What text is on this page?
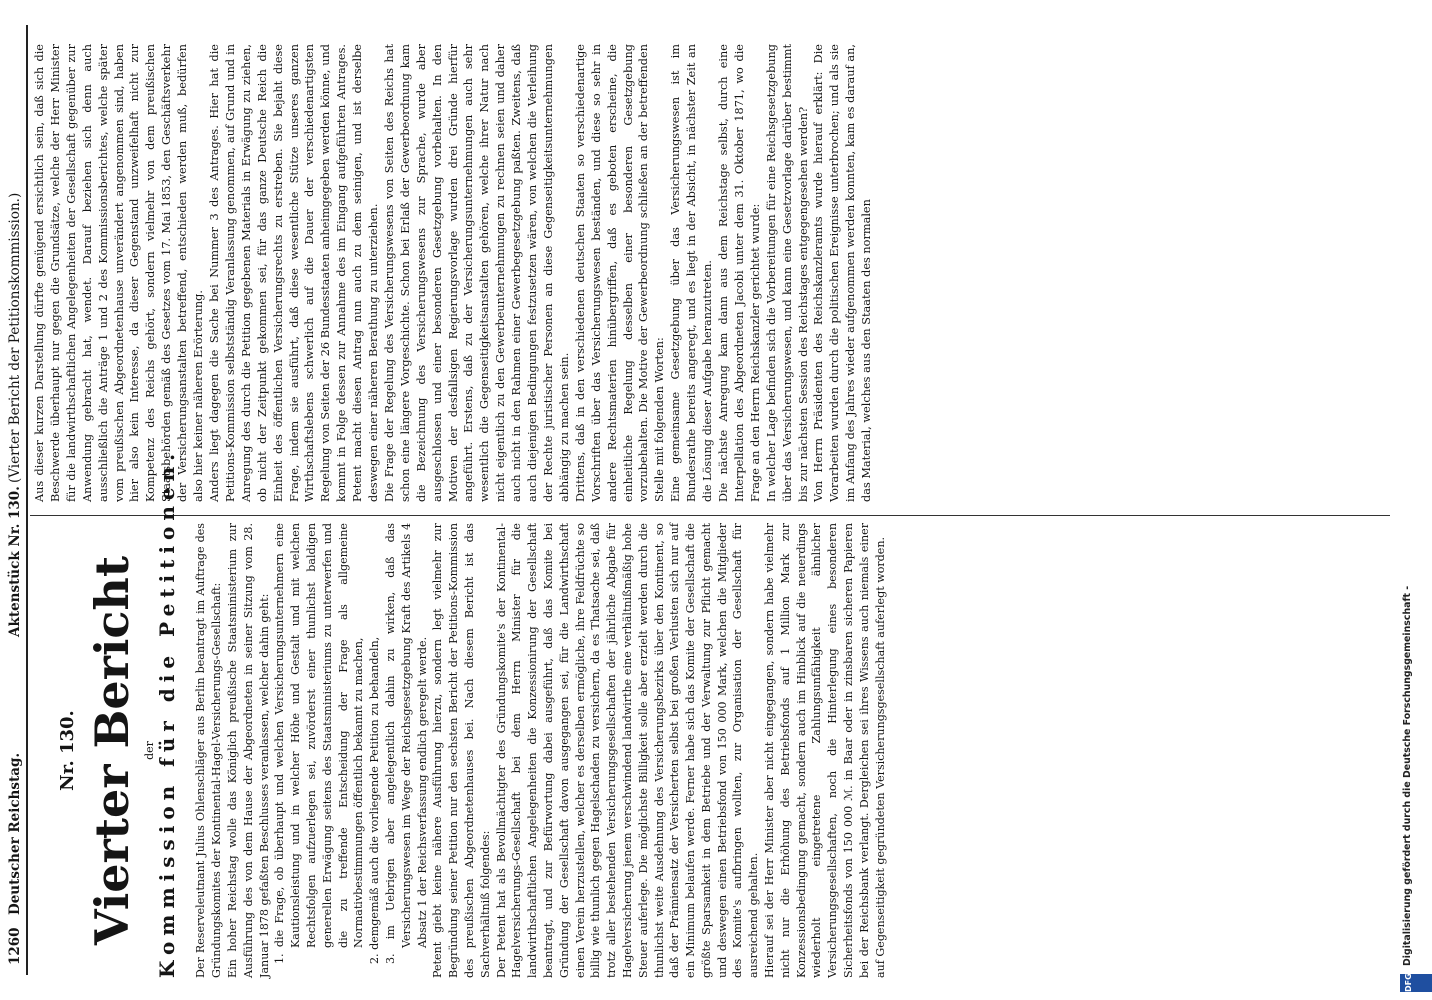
1260
Deutscher Reichstag.
Aktenstück Nr. 130.
(Vierter Bericht der Petitionskommission.)
Nr. 130. Vierter Bericht der
Kommission für die Petitionen. Der Reserveleutnant Julius Ohlenschläger aus Berlin beantragt im Auftrage des Gründungskomites der Kontinental-Hagel-Versicherungs-Gesellschaft: Ein hoher Reichstag wolle das Königlich preußische Staatsministerium zur Ausführung des von dem Hause der Abgeordneten in seiner Sitzung vom 28. Januar 1878 gefaßten Beschlusses veranlassen, welcher dahin geht: 1. die Frage, ob überhaupt und welchen Versicherungsunternehmern eine Kautionsleistung und in welcher Höhe und Gestalt und mit welchen Rechtsfolgen aufzuerlegen sei, zuvörderst einer thunlichst baldigen generellen Erwägung seitens des Staatsministeriums zu unterwerfen und die zu treffende Entscheidung der Frage als allgemeine Normativbestimmungen öffentlich bekannt zu machen, 2. demgemäß auch die vorliegende Petition zu behandeln, 3. im Uebrigen aber angelegentlich dahin zu wirken, daß das Versicherungswesen im Wege der Reichsgesetzgebung Kraft des Artikels 4 Absatz 1 der Reichsverfassung endlich geregelt werde. Petent giebt keine nähere Ausführung hierzu, sondern legt vielmehr zur Begründung seiner Petition nur den sechsten Bericht der Petitions-Kommission des preußischen Abgeordnetenhauses bei. Nach diesem Bericht ist das Sachverhältniß folgendes: Der Petent hat als Bevollmächtigter des Gründungskomite's der Kontinental-Hagelversicherungs-Gesellschaft bei dem Herrn Minister für die landwirthschaftlichen Angelegenheiten die Konzessionirung der Gesellschaft beantragt, und zur Befürwortung dabei ausgeführt, daß das Komite bei Gründung der Gesellschaft davon ausgegangen sei, für die Landwirthschaft einen Verein herzustellen, welcher es derselben ermögliche, ihre Feldfrüchte so billig wie thunlich gegen Hagelschaden zu versichern, da es Thatsache sei, daß trotz aller bestehenden Versicherungsgesellschaften der jährliche Abgabe für Hagelversicherung jenem verschwindend landwirthe eine verhältnißmäßig hohe Steuer auferlege. Die möglichste Billigkeit solle aber erzielt werden durch die thunlichst weite Ausdehnung des Versicherungsbezirks über den Kontinent, so daß der Prämiensatz der Versicherten selbst bei großen Verlusten sich nur auf ein Minimum belaufen werde. Ferner habe sich das Komite der Gesellschaft die größte Sparsamkeit in dem Betriebe und der Verwaltung zur Pflicht gemacht und deswegen einen Betriebsfond von 150 000 Mark, welchen die Mitglieder des Komite's aufbringen wollten, zur Organisation der Gesellschaft für ausreichend gehalten. Hierauf sei der Herr Minister aber nicht eingegangen, sondern habe vielmehr nicht nur die Erhöhung des Betriebsfonds auf 1 Million Mark zur Konzessionsbedingung gemacht, sondern auch im Hinblick auf die neuerdings wiederholt eingetretene Zahlungsunfähigkeit ähnlicher Versicherungsgesellschaften, noch die Hinterlegung eines besonderen Sicherheitsfonds von 150 000 ℳ. in Baar oder in zinsbaren sicheren Papieren bei der Reichsbank verlangt. Dergleichen sei ihres Wissens auch niemals einer auf Gegenseitigkeit gegründeten Versicherungsgesellschaft auferlegt worden.

Aus dieser kurzen Darstellung dürfte genügend ersichtlich sein, daß sich die Beschwerde überhaupt nur gegen die Grundsätze, welche der Herr Minister für die landwirthschaftlichen Angelegenheiten der Gesellschaft gegenüber zur Anwendung gebracht hat, wendet. Darauf beziehen sich denn auch ausschließlich die Anträge 1 und 2 des Kommissionsberichtes, welche später vom preußischen Abgeordnetenhause unverändert angenommen sind, haben hier also kein Interesse, da dieser Gegenstand unzweifelhaft nicht zur Kompetenz des Reichs gehört, sondern vielmehr von dem preußischen Staatsbehörden gemäß des Gesetzes vom 17. Mai 1853, den Geschäftsverkehr der Versicherungsanstalten betreffend, entschieden werden muß, bedürfen also hier keiner näheren Erörterung. Anders liegt dagegen die Sache bei Nummer 3 des Antrages. Hier hat die Petitions-Kommission selbstständig Veranlassung genommen, auf Grund und in Anregung des durch die Petition gegebenen Materials in Erwägung zu ziehen, ob nicht der Zeitpunkt gekommen sei, für das ganze Deutsche Reich die Einheit des öffentlichen Versicherungsrechts zu erstreben. Sie bejaht diese Frage, indem sie ausführt, daß diese wesentliche Stütze unseres ganzen Wirthschaftslebens schwerlich auf die Dauer der verschiedenartigsten Regelung von Seiten der 26 Bundesstaaten anheimgegeben werden könne, und kommt in Folge dessen zur Annahme des im Eingang aufgeführten Antrages. Petent macht diesen Antrag nun auch zu dem seinigen, und ist derselbe deswegen einer näheren Berathung zu unterziehen. Die Frage der Regelung des Versicherungswesens von Seiten des Reichs hat schon eine längere Vorgeschichte. Schon bei Erlaß der Gewerbeordnung kam die Bezeichnung des Versicherungswesens zur Sprache, wurde aber ausgeschlossen und einer besonderen Gesetzgebung vorbehalten. In den Motiven der desfallsigen Regierungsvorlage wurden drei Gründe hierfür angeführt. Erstens, daß zu der Versicherungsunternehmungen auch sehr wesentlich die Gegenseitigkeitsanstalten gehören, welche ihrer Natur nach nicht eigentlich zu den Gewerbeunternehmungen zu rechnen seien und daher auch nicht in den Rahmen einer Gewerbegesetzgebung paßten. Zweitens, daß auch diejenigen Bedingungen festzusetzen wären, von welchen die Verleihung der Rechte juristischer Personen an diese Gegenseitigkeitsunternehmungen abhängig zu machen sein. Drittens, daß in den verschiedenen deutschen Staaten so verschiedenartige Vorschriften über das Versicherungswesen beständen, und diese so sehr in andere Rechtsmaterien hinübergriffen, daß es geboten erscheine, die einheitliche Regelung desselben einer besonderen Gesetzgebung vorzubehalten. Die Motive der Gewerbeordnung schließen an der betreffenden Stelle mit folgenden Worten: Eine gemeinsame Gesetzgebung über das Versicherungswesen ist im Bundesrathe bereits angeregt, und es liegt in der Absicht, in nächster Zeit an die Lösung dieser Aufgabe heranzutreten. Die nächste Anregung kam dann aus dem Reichstage selbst, durch eine Interpellation des Abgeordneten Jacobi unter dem 31. Oktober 1871, wo die Frage an den Herrn Reichskanzler gerichtet wurde: In welcher Lage befinden sich die Vorbereitungen für eine Reichsgesetzgebung über das Versicherungswesen, und kann eine Gesetzvorlage darüber bestimmt bis zur nächsten Session des Reichstages entgegengesehen werden? Von Herrn Präsidenten des Reichskanzleramts wurde hierauf erklärt: Die Vorarbeiten wurden durch die politischen Ereignisse unterbrochen; und als sie im Anfang des Jahres wieder aufgenommen werden konnten, kam es darauf an, das Material, welches aus den Staaten des normalen

DFG
Digitalisierung gefördert durch die Deutsche Forschungsgemeinschaft -
